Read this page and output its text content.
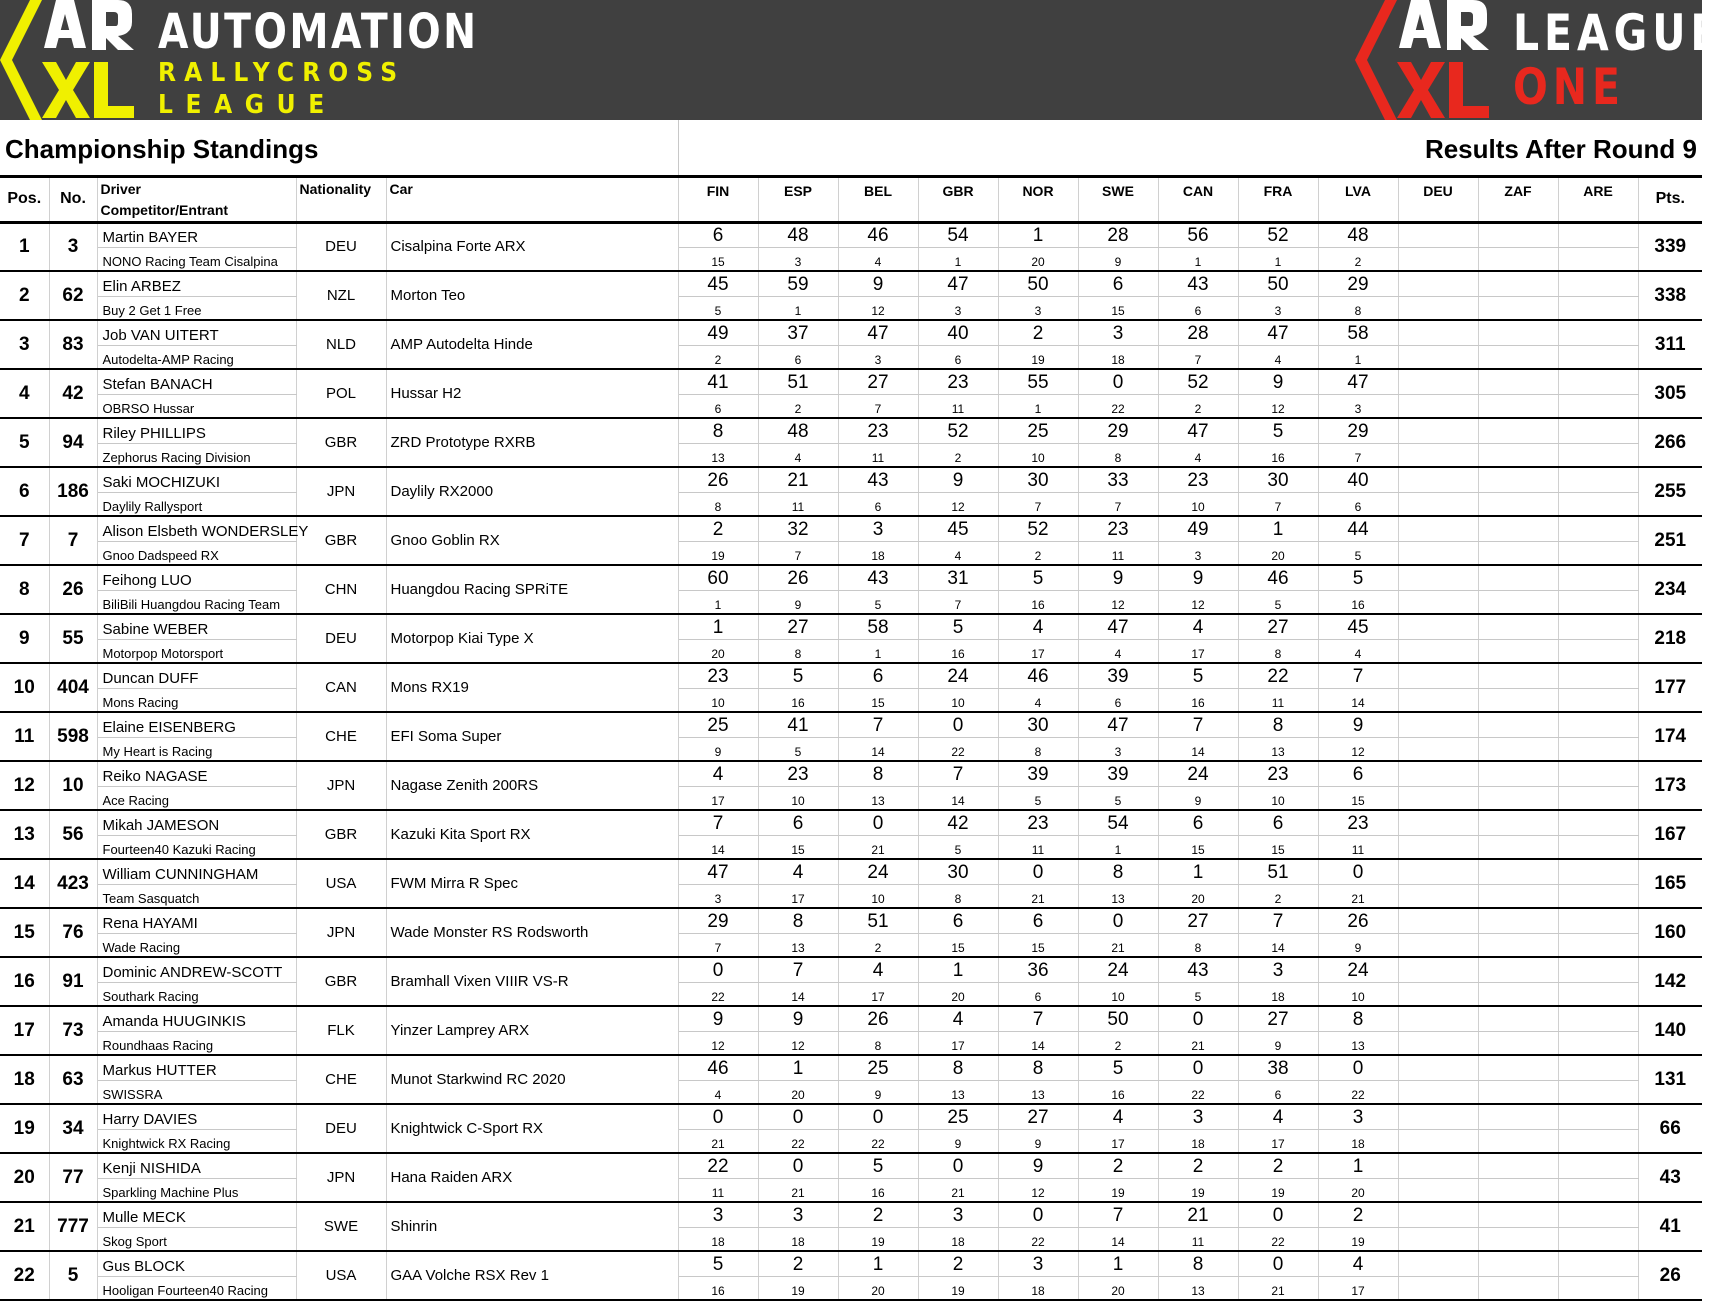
AUTOMATION
RALLYCROSS
LEAGUE
LEAGUE
ONE
Championship Standings	Results After Round 9
Pos.	No.	Driver	Nationality	Car	FIN	ESP	BEL	GBR	NOR	SWE	CAN	FRA	LVA	DEU	ZAF	ARE	Pts.
		Competitor/Entrant															
1	3	Martin BAYER	DEU	Cisalpina Forte ARX	6	48	46	54	1	28	56	52	48				339
		NONO Racing Team Cisalpina			15	3	4	1	20	9	1	1	2				
2	62	Elin ARBEZ	NZL	Morton Teo	45	59	9	47	50	6	43	50	29				338
		Buy 2 Get 1 Free			5	1	12	3	3	15	6	3	8				
3	83	Job VAN UITERT	NLD	AMP Autodelta Hinde	49	37	47	40	2	3	28	47	58				311
		Autodelta-AMP Racing			2	6	3	6	19	18	7	4	1				
4	42	Stefan BANACH	POL	Hussar H2	41	51	27	23	55	0	52	9	47				305
		OBRSO Hussar			6	2	7	11	1	22	2	12	3				
5	94	Riley PHILLIPS	GBR	ZRD Prototype RXRB	8	48	23	52	25	29	47	5	29				266
		Zephorus Racing Division			13	4	11	2	10	8	4	16	7				
6	186	Saki MOCHIZUKI	JPN	Daylily RX2000	26	21	43	9	30	33	23	30	40				255
		Daylily Rallysport			8	11	6	12	7	7	10	7	6				
7	7	Alison Elsbeth WONDERSLEY	GBR	Gnoo Goblin RX	2	32	3	45	52	23	49	1	44				251
		Gnoo Dadspeed RX			19	7	18	4	2	11	3	20	5				
8	26	Feihong LUO	CHN	Huangdou Racing SPRiTE	60	26	43	31	5	9	9	46	5				234
		BiliBili Huangdou Racing Team			1	9	5	7	16	12	12	5	16				
9	55	Sabine WEBER	DEU	Motorpop Kiai Type X	1	27	58	5	4	47	4	27	45				218
		Motorpop Motorsport			20	8	1	16	17	4	17	8	4				
10	404	Duncan DUFF	CAN	Mons RX19	23	5	6	24	46	39	5	22	7				177
		Mons Racing			10	16	15	10	4	6	16	11	14				
11	598	Elaine EISENBERG	CHE	EFI Soma Super	25	41	7	0	30	47	7	8	9				174
		My Heart is Racing			9	5	14	22	8	3	14	13	12				
12	10	Reiko NAGASE	JPN	Nagase Zenith 200RS	4	23	8	7	39	39	24	23	6				173
		Ace Racing			17	10	13	14	5	5	9	10	15				
13	56	Mikah JAMESON	GBR	Kazuki Kita Sport RX	7	6	0	42	23	54	6	6	23				167
		Fourteen40 Kazuki Racing			14	15	21	5	11	1	15	15	11				
14	423	William CUNNINGHAM	USA	FWM Mirra R Spec	47	4	24	30	0	8	1	51	0				165
		Team Sasquatch			3	17	10	8	21	13	20	2	21				
15	76	Rena HAYAMI	JPN	Wade Monster RS Rodsworth	29	8	51	6	6	0	27	7	26				160
		Wade Racing			7	13	2	15	15	21	8	14	9				
16	91	Dominic ANDREW-SCOTT	GBR	Bramhall Vixen VIIIR VS-R	0	7	4	1	36	24	43	3	24				142
		Southark Racing			22	14	17	20	6	10	5	18	10				
17	73	Amanda HUUGINKIS	FLK	Yinzer Lamprey ARX	9	9	26	4	7	50	0	27	8				140
		Roundhaas Racing			12	12	8	17	14	2	21	9	13				
18	63	Markus HUTTER	CHE	Munot Starkwind RC 2020	46	1	25	8	8	5	0	38	0				131
		SWISSRA			4	20	9	13	13	16	22	6	22				
19	34	Harry DAVIES	DEU	Knightwick C-Sport RX	0	0	0	25	27	4	3	4	3				66
		Knightwick RX Racing			21	22	22	9	9	17	18	17	18				
20	77	Kenji NISHIDA	JPN	Hana Raiden ARX	22	0	5	0	9	2	2	2	1				43
		Sparkling Machine Plus			11	21	16	21	12	19	19	19	20				
21	777	Mulle MECK	SWE	Shinrin	3	3	2	3	0	7	21	0	2				41
		Skog Sport			18	18	19	18	22	14	11	22	19				
22	5	Gus BLOCK	USA	GAA Volche RSX Rev 1	5	2	1	2	3	1	8	0	4				26
		Hooligan Fourteen40 Racing			16	19	20	19	18	20	13	21	17				
